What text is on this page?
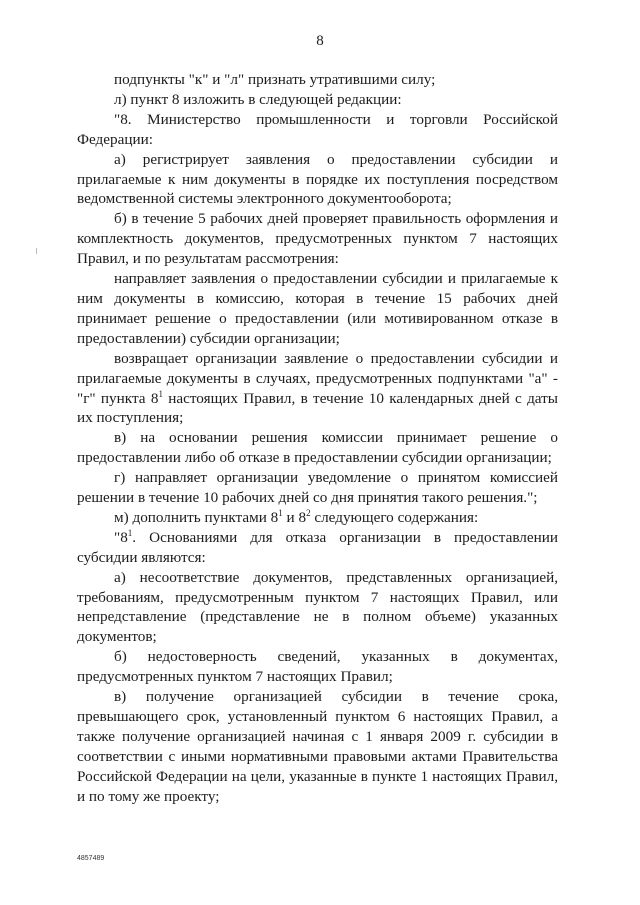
8

подпункты "к" и "л" признать утратившими силу;

л) пункт 8 изложить в следующей редакции:

"8. Министерство промышленности и торговли Российской Федерации:

а) регистрирует заявления о предоставлении субсидии и прилагаемые к ним документы в порядке их поступления посредством ведомственной системы электронного документооборота;

б) в течение 5 рабочих дней проверяет правильность оформления и комплектность документов, предусмотренных пунктом 7 настоящих Правил, и по результатам рассмотрения:

направляет заявления о предоставлении субсидии и прилагаемые к ним документы в комиссию, которая в течение 15 рабочих дней принимает решение о предоставлении (или мотивированном отказе в предоставлении) субсидии организации;

возвращает организации заявление о предоставлении субсидии и прилагаемые документы в случаях, предусмотренных подпунктами "а" - "г" пункта $8^1$ настоящих Правил, в течение 10 календарных дней с даты их поступления;

в) на основании решения комиссии принимает решение о предоставлении либо об отказе в предоставлении субсидии организации;

г) направляет организации уведомление о принятом комиссией решении в течение 10 рабочих дней со дня принятия такого решения.";

м) дополнить пунктами $8^1$ и $8^2$ следующего содержания:

"$8^1$. Основаниями для отказа организации в предоставлении субсидии являются:

а) несоответствие документов, представленных организацией, требованиям, предусмотренным пунктом 7 настоящих Правил, или непредставление (представление не в полном объеме) указанных документов;

б) недостоверность сведений, указанных в документах, предусмотренных пунктом 7 настоящих Правил;

в) получение организацией субсидии в течение срока, превышающего срок, установленный пунктом 6 настоящих Правил, а также получение организацией начиная с 1 января 2009 г. субсидии в соответствии с иными нормативными правовыми актами Правительства Российской Федерации на цели, указанные в пункте 1 настоящих Правил, и по тому же проекту;

4857489
